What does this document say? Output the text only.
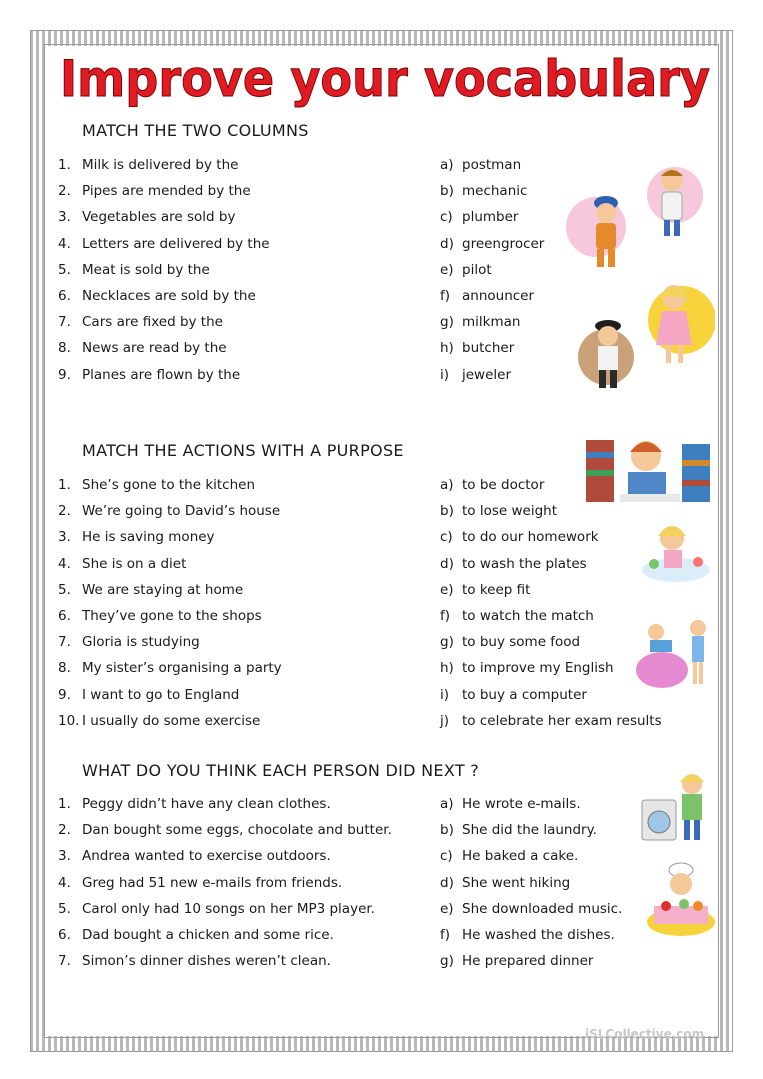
Improve your vocabulary
MATCH THE TWO COLUMNS
1. Milk is delivered by the	a) postman
2. Pipes are mended by the	b) mechanic
3. Vegetables are sold by	c) plumber
4. Letters are delivered by the	d) greengrocer
5. Meat is sold by the	e) pilot
6. Necklaces are sold by the	f) announcer
7. Cars are fixed by the	g) milkman
8. News are read by the	h) butcher
9. Planes are flown by the	i) jeweler
MATCH THE ACTIONS WITH A PURPOSE
1. She’s gone to the kitchen	a) to be doctor
2. We’re going to David’s house	b) to lose weight
3. He is saving money	c) to do our homework
4. She is on a diet	d) to wash the plates
5. We are staying at home	e) to keep fit
6. They’ve gone to the shops	f) to watch the match
7. Gloria is studying	g) to buy some food
8. My sister’s organising a party	h) to improve my English
9. I want to go to England	i) to buy a computer
10. I usually do some exercise	j) to celebrate her exam results
WHAT DO YOU THINK EACH PERSON DID NEXT ?
1. Peggy didn’t have any clean clothes.	a) He wrote e-mails.
2. Dan bought some eggs, chocolate and butter.	b) She did the laundry.
3. Andrea wanted to exercise outdoors.	c) He baked a cake.
4. Greg had 51 new e-mails from friends.	d) She went hiking
5. Carol only had 10 songs on her MP3 player.	e) She downloaded music.
6. Dad bought a chicken and some rice.	f) He washed the dishes.
7. Simon’s dinner dishes weren’t clean.	g) He prepared dinner
iSLCollective.com
